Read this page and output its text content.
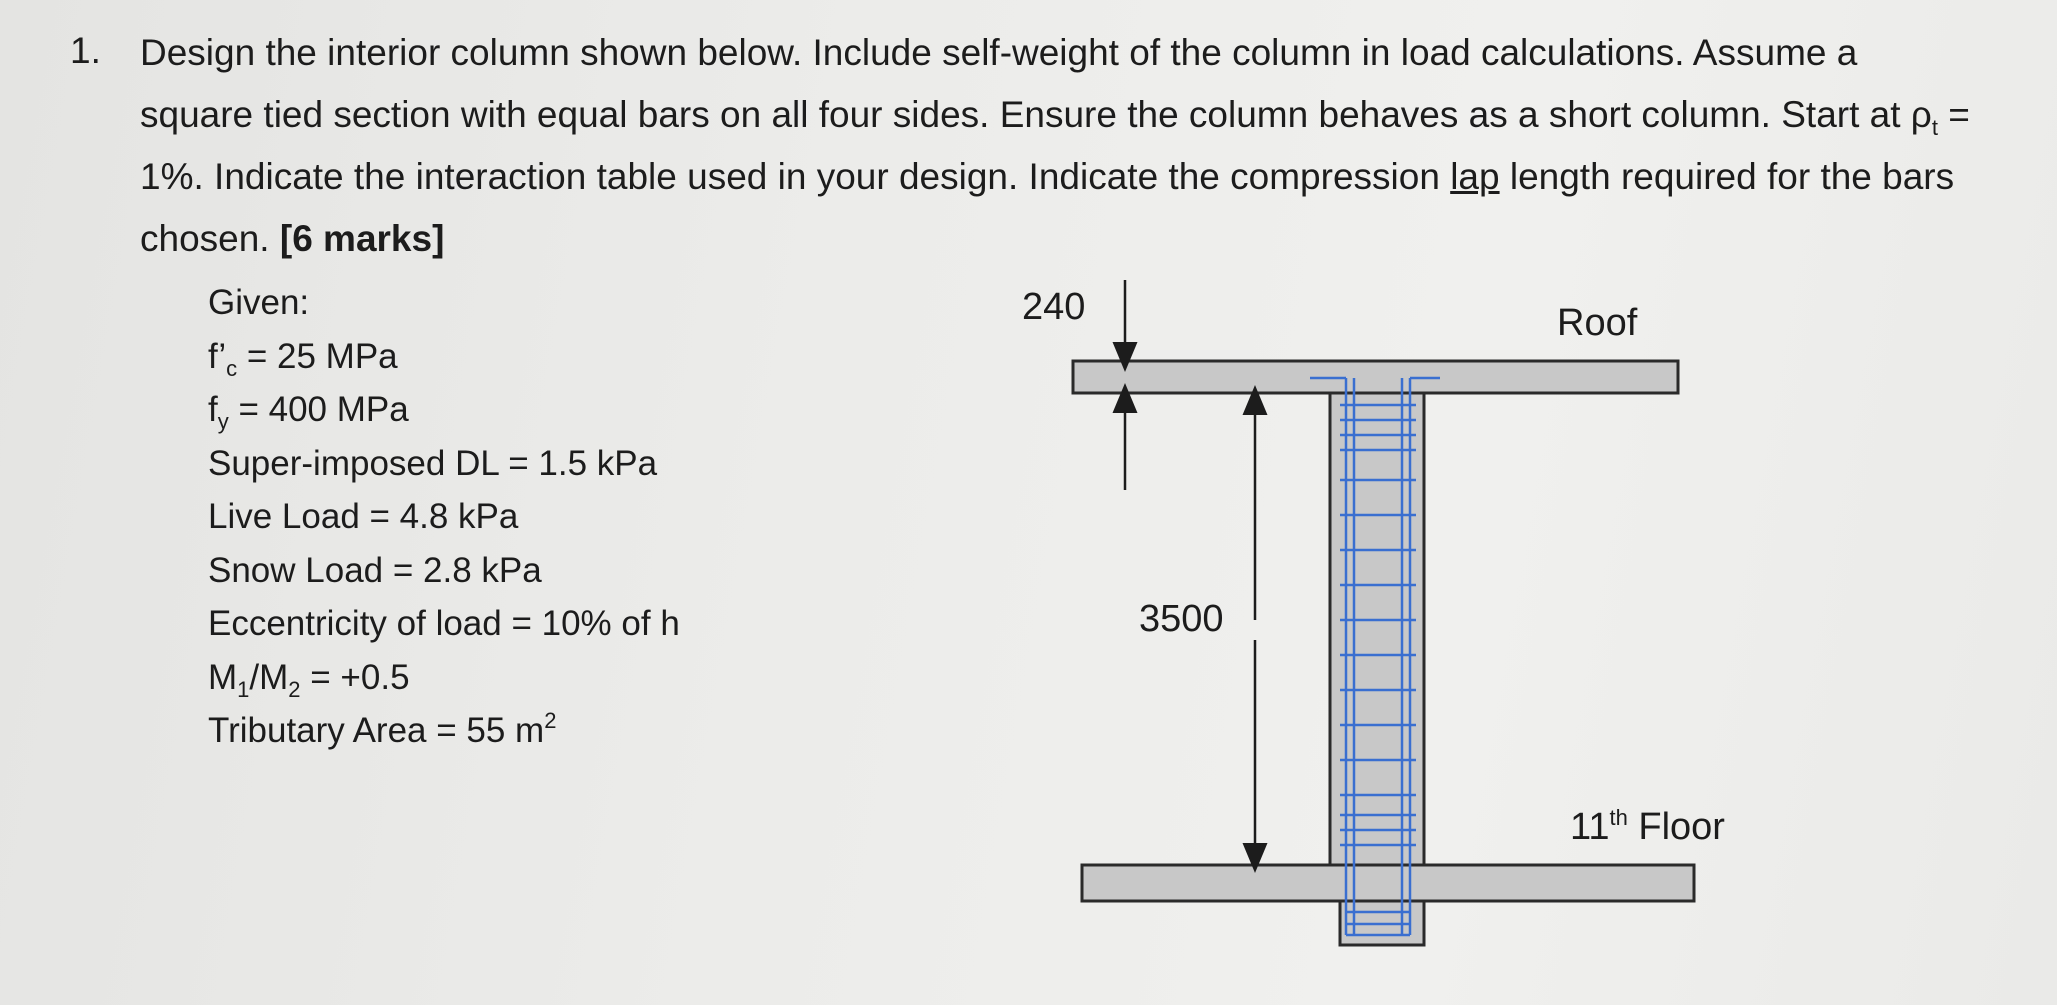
1. Design the interior column shown below. Include self-weight of the column in load calculations. Assume a square tied section with equal bars on all four sides. Ensure the column behaves as a short column. Start at $\rho_t = 1\%$. Indicate the interaction table used in your design. Indicate the compression lap length required for the bars chosen. [6 marks]
Given:
$f’_c = 25$ MPa
$f_y = 400$ MPa
Super-imposed DL = 1.5 kPa
Live Load = 4.8 kPa
Snow Load = 2.8 kPa
Eccentricity of load = 10% of h
$M_1/M_2 = +0.5$
Tributary Area = 55 $m^2$
240	Roof
3500
11th Floor
